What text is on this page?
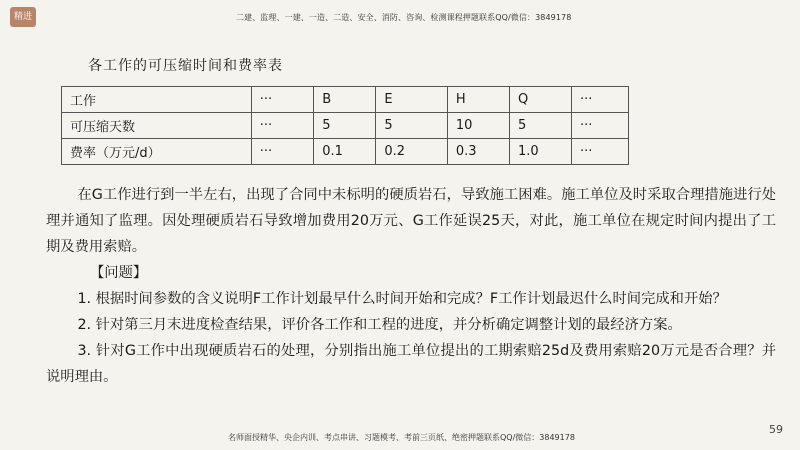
精进	二建、监理、一建、一造、二造、安全、消防、咨询、检测课程押题联系QQ/微信：3849178
各工作的可压缩时间和费率表
工作	···	B	E	H	Q	···
可压缩天数	···	5	5	10	5	···
费率（万元/d）	···	0.1	0.2	0.3	1.0	···

在G工作进行到一半左右，出现了合同中未标明的硬质岩石，导致施工困难。施工单位及时采取合理措施进行处理并通知了监理。因处理硬质岩石导致增加费用20万元、G工作延误25天，对此，施工单位在规定时间内提出了工期及费用索赔。

【问题】

1. 根据时间参数的含义说明F工作计划最早什么时间开始和完成？F工作计划最迟什么时间完成和开始？

2. 针对第三月末进度检查结果，评价各工作和工程的进度，并分析确定调整计划的最经济方案。

3. 针对G工作中出现硬质岩石的处理，分别指出施工单位提出的工期索赔25d及费用索赔20万元是否合理？并说明理由。

名师面授精华、央企内训、考点串讲、习题模考、考前三页纸、绝密押题联系QQ/微信：3849178
59
